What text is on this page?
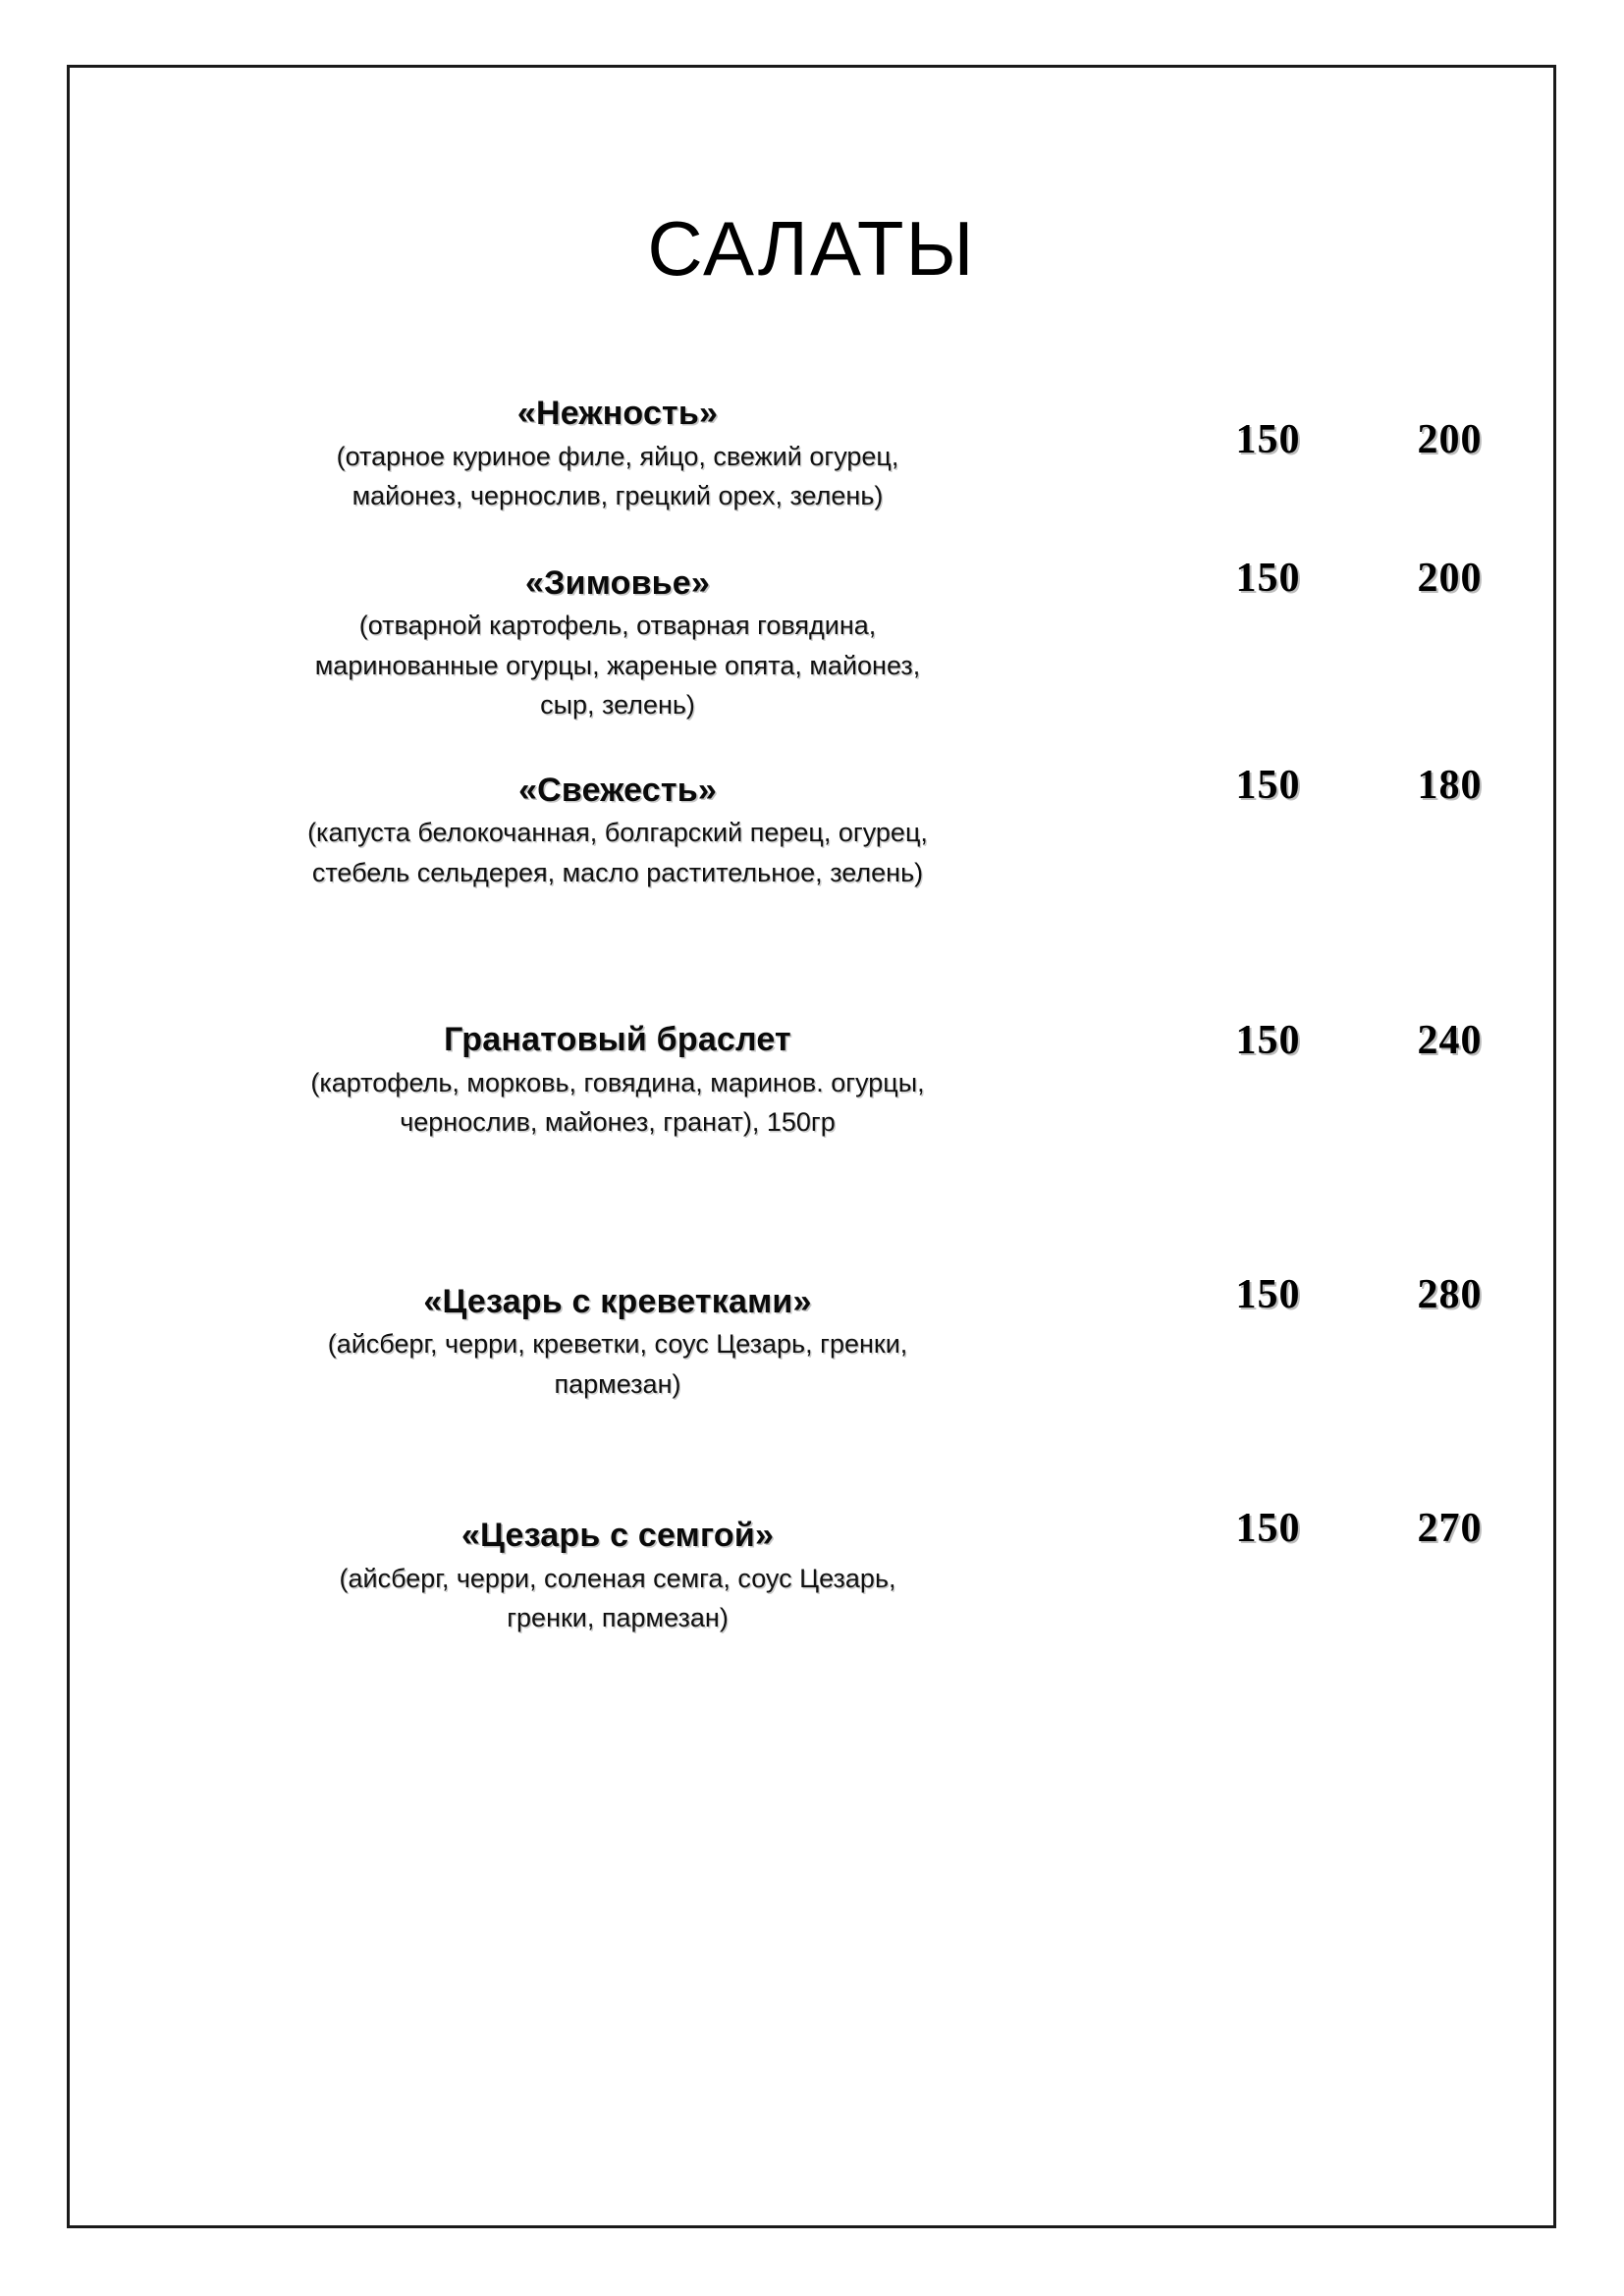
САЛАТЫ
«Нежность»
(отарное куриное филе, яйцо, свежий огурец,
майонез, чернослив, грецкий орех, зелень)
150	200
«Зимовье»
(отварной картофель, отварная говядина,
маринованные огурцы, жареные опята, майонез,
сыр, зелень)
150	200
«Свежесть»
(капуста белокочанная, болгарский перец, огурец,
стебель сельдерея, масло растительное, зелень)
150	180
Гранатовый браслет
(картофель, морковь, говядина, маринов. огурцы,
чернослив, майонез, гранат), 150гр
150	240
«Цезарь с креветками»
(айсберг, черри, креветки, соус Цезарь, гренки,
пармезан)
150	280
«Цезарь с семгой»
(айсберг, черри, соленая семга, соус Цезарь,
гренки, пармезан)
150	270
